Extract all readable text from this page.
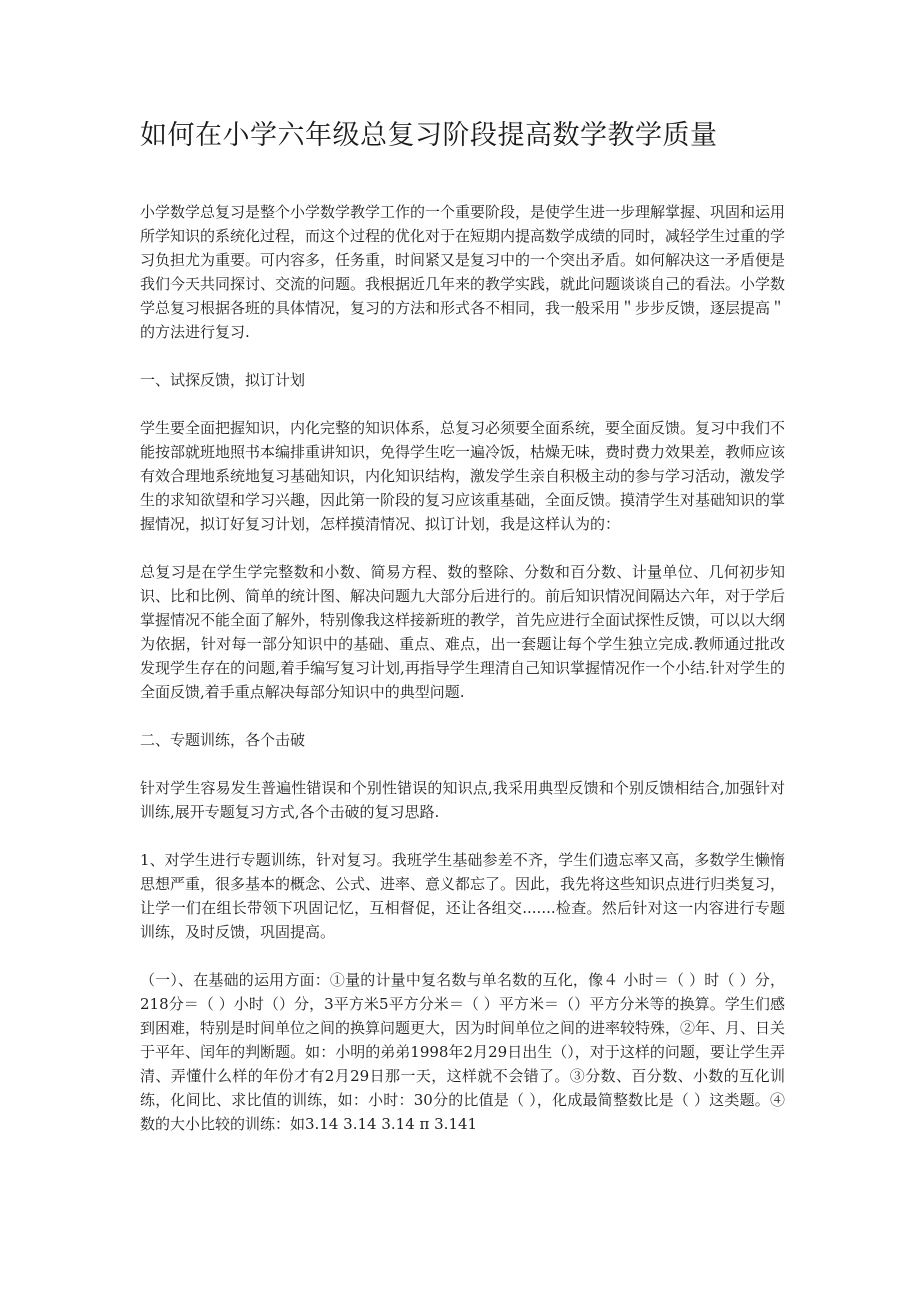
如何在小学六年级总复习阶段提高数学教学质量

小学数学总复习是整个小学数学教学工作的一个重要阶段，是使学生进一步理解掌握、巩固和运用所学知识的系统化过程，而这个过程的优化对于在短期内提高数学成绩的同时，减轻学生过重的学习负担尤为重要。可内容多，任务重，时间紧又是复习中的一个突出矛盾。如何解决这一矛盾便是我们今天共同探讨、交流的问题。我根据近几年来的教学实践，就此问题谈谈自己的看法。小学数学总复习根据各班的具体情况，复习的方法和形式各不相同，我一般采用＂步步反馈，逐层提高＂的方法进行复习.

一、试探反馈，拟订计划

学生要全面把握知识，内化完整的知识体系，总复习必须要全面系统，要全面反馈。复习中我们不能按部就班地照书本编排重讲知识，免得学生吃一遍冷饭，枯燥无味，费时费力效果差，教师应该有效合理地系统地复习基础知识，内化知识结构，激发学生亲自积极主动的参与学习活动，激发学生的求知欲望和学习兴趣，因此第一阶段的复习应该重基础，全面反馈。摸清学生对基础知识的掌握情况，拟订好复习计划，怎样摸清情况、拟订计划，我是这样认为的：

总复习是在学生学完整数和小数、简易方程、数的整除、分数和百分数、计量单位、几何初步知识、比和比例、简单的统计图、解决问题九大部分后进行的。前后知识情况间隔达六年，对于学后掌握情况不能全面了解外，特别像我这样接新班的教学，首先应进行全面试探性反馈，可以以大纲为依据，针对每一部分知识中的基础、重点、难点，出一套题让每个学生独立完成.教师通过批改发现学生存在的问题,着手编写复习计划,再指导学生理清自己知识掌握情况作一个小结.针对学生的全面反馈,着手重点解决每部分知识中的典型问题.

二、专题训练，各个击破

针对学生容易发生普遍性错误和个别性错误的知识点,我采用典型反馈和个别反馈相结合,加强针对训练,展开专题复习方式,各个击破的复习思路.

1、对学生进行专题训练，针对复习。我班学生基础参差不齐，学生们遗忘率又高，多数学生懒惰思想严重，很多基本的概念、公式、进率、意义都忘了。因此，我先将这些知识点进行归类复习，让学一们在组长带领下巩固记忆，互相督促，还让各组交.......检查。然后针对这一内容进行专题训练，及时反馈，巩固提高。

（一）、在基础的运用方面：①量的计量中复名数与单名数的互化，像４ 小时＝（ ）时（ ）分，218分＝（ ）小时（）分，3平方米5平方分米＝（ ）平方米＝（）平方分米等的换算。学生们感到困难，特别是时间单位之间的换算问题更大，因为时间单位之间的进率较特殊，②年、月、日关于平年、闰年的判断题。如：小明的弟弟1998年2月29日出生（），对于这样的问题，要让学生弄清、弄懂什么样的年份才有2月29日那一天，这样就不会错了。③分数、百分数、小数的互化训练，化间比、求比值的训练，如：小时：30分的比值是（ ），化成最简整数比是（ ）这类题。④数的大小比较的训练：如3.14 3.14 3.14 π 3.141
